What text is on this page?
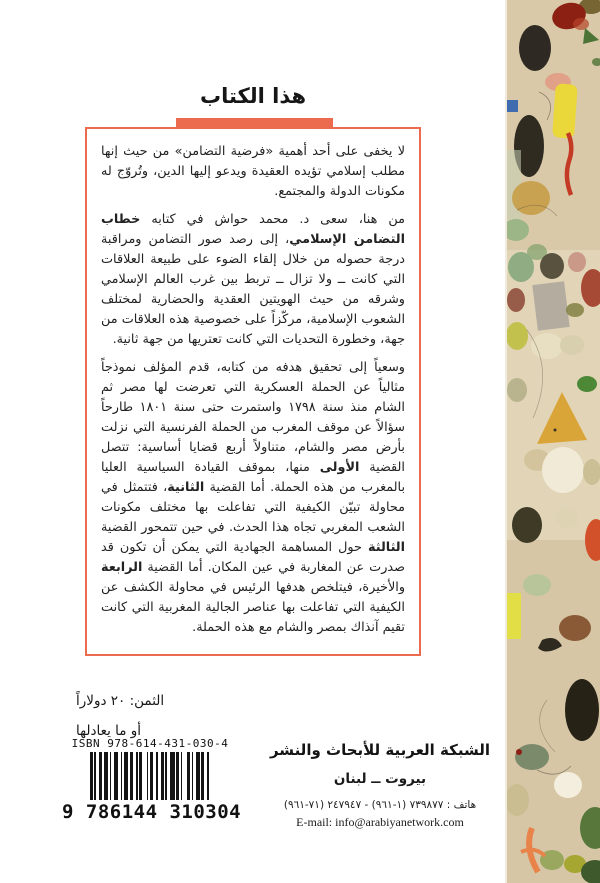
هذا الكتاب

لا يخفى على أحد أهمية «فرضية التضامن» من حيث إنها مطلب إسلامي تؤيده العقيدة ويدعو إليها الدين، وتُروّج له مكونات الدولة والمجتمع.

من هنا، سعى د. محمد حواش في كتابه خطاب التضامن الإسلامي، إلى رصد صور التضامن ومراقبة درجة حصوله من خلال إلقاء الضوء على طبيعة العلاقات التي كانت ــ ولا تزال ــ تربط بين غرب العالم الإسلامي وشرقه من حيث الهويتين العقدية والحضارية لمختلف الشعوب الإسلامية، مركّزاً على خصوصية هذه العلاقات من جهة، وخطورة التحديات التي كانت تعتريها من جهة ثانية.

وسعياً إلى تحقيق هدفه من كتابه، قدم المؤلف نموذجاً مثالياً عن الحملة العسكرية التي تعرضت لها مصر ثم الشام منذ سنة ١٧٩٨ واستمرت حتى سنة ١٨٠١ طارحاً سؤالاً عن موقف المغرب من الحملة الفرنسية التي نزلت بأرض مصر والشام، متناولاً أربع قضايا أساسية: تتصل القضية الأولى منها، بموقف القيادة السياسية العليا بالمغرب من هذه الحملة. أما القضية الثانية، فتتمثل في محاولة تبيّن الكيفية التي تفاعلت بها مختلف مكونات الشعب المغربي تجاه هذا الحدث. في حين تتمحور القضية الثالثة حول المساهمة الجهادية التي يمكن أن تكون قد صدرت عن المغاربة في عين المكان. أما القضية الرابعة والأخيرة، فيتلخص هدفها الرئيس في محاولة الكشف عن الكيفية التي تفاعلت بها عناصر الجالية المغربية التي كانت تقيم آنذاك بمصر والشام مع هذه الحملة.

الثمن: ٢٠ دولاراً
أو ما يعادلها
ISBN 978-614-431-030-4
9 786144 310304
الشبكة العربية للأبحاث والنشر
بيروت ــ لبنان
هاتف : ٧٣٩٨٧٧ (١-٩٦١) - ٢٤٧٩٤٧ (٧١-٩٦١)
E-mail: info@arabiyanetwork.com
